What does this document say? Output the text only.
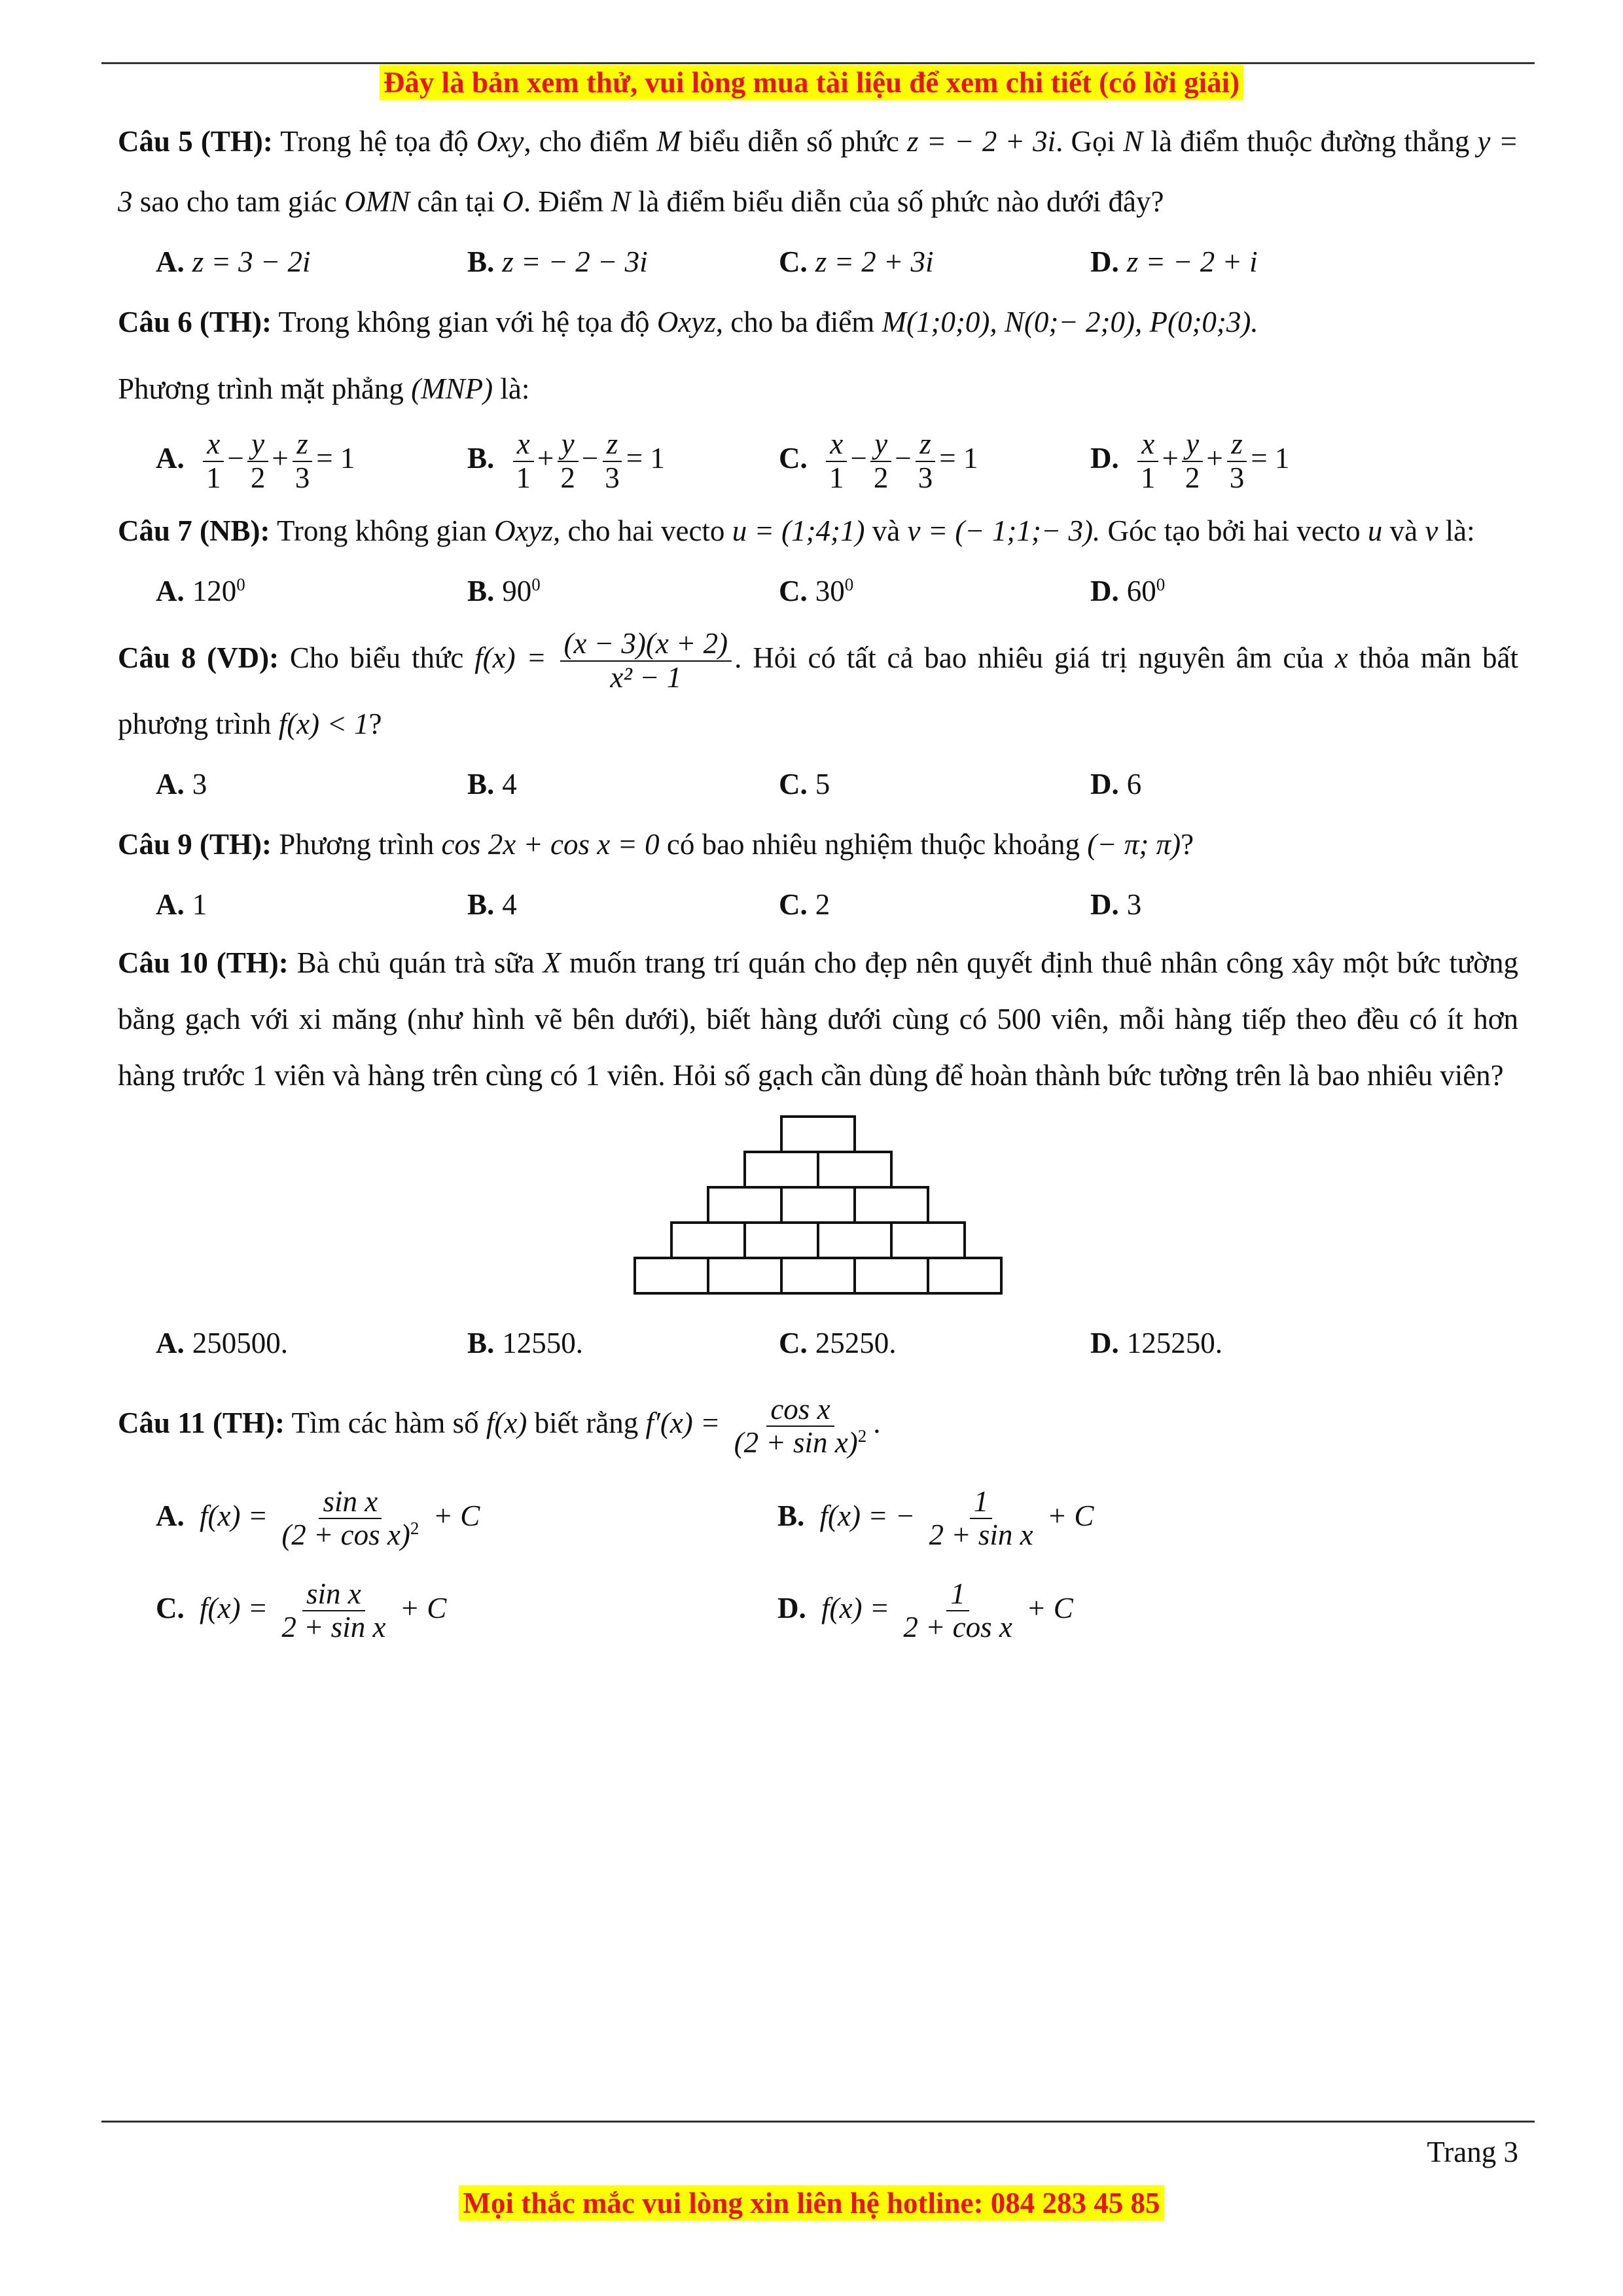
Đây là bản xem thử, vui lòng mua tài liệu để xem chi tiết (có lời giải)

Câu 5 (TH): Trong hệ tọa độ Oxy, cho điểm M biểu diễn số phức z = − 2 + 3i. Gọi N là điểm thuộc đường thẳng y = 3 sao cho tam giác OMN cân tại O. Điểm N là điểm biểu diễn của số phức nào dưới đây?

A. z = 3 − 2i	B. z = − 2 − 3i	C. z = 2 + 3i	D. z = − 2 + i

Câu 6 (TH): Trong không gian với hệ tọa độ Oxyz, cho ba điểm M(1;0;0), N(0;− 2;0), P(0;0;3).

Phương trình mặt phẳng (MNP) là:

A. $\frac{x}{1} - \frac{y}{2} + \frac{z}{3} = 1$	B. $\frac{x}{1} + \frac{y}{2} - \frac{z}{3} = 1$	C. $\frac{x}{1} - \frac{y}{2} - \frac{z}{3} = 1$	D. $\frac{x}{1} + \frac{y}{2} + \frac{z}{3} = 1$

Câu 7 (NB): Trong không gian Oxyz, cho hai vecto u = (1;4;1) và v = (− 1;1;− 3). Góc tạo bởi hai vecto u và v là:

A. $120^0$	B. $90^0$	C. $30^0$	D. $60^0$

Câu 8 (VD): Cho biểu thức $f(x) = \frac{(x - 3)(x + 2)}{\text{x² − 1}}$ . Hỏi có tất cả bao nhiêu giá trị nguyên âm của x thỏa mãn bất phương trình f(x) < 1?

A. 3	B. 4	C. 5	D. 6

Câu 9 (TH): Phương trình cos 2x + cos x = 0 có bao nhiêu nghiệm thuộc khoảng (− π; π)?

A. 1	B. 4	C. 2	D. 3

Câu 10 (TH): Bà chủ quán trà sữa X muốn trang trí quán cho đẹp nên quyết định thuê nhân công xây một bức tường bằng gạch với xi măng (như hình vẽ bên dưới), biết hàng dưới cùng có 500 viên, mỗi hàng tiếp theo đều có ít hơn hàng trước 1 viên và hàng trên cùng có 1 viên. Hỏi số gạch cần dùng để hoàn thành bức tường trên là bao nhiêu viên?

A. 250500.	B. 12550.	C. 25250.	D. 125250.

Câu 11 (TH): Tìm các hàm số f(x) biết rằng $f'(x) = \frac{\text{cos x}}{(2 + \sin x)^2}$ .

A. $f(x) = \frac{\text{sin x}}{(2 + \cos x)^2} + C$	B. f(x) = − $\frac{1}{\text{2 + sin x}} + C$
C. $f(x) = \frac{\text{sin x}}{\text{2 + sin x}} + C$	D. $f(x) = \frac{1}{\text{2 + cos x}} + C$
Trang 3
Mọi thắc mắc vui lòng xin liên hệ hotline: 084 283 45 85
